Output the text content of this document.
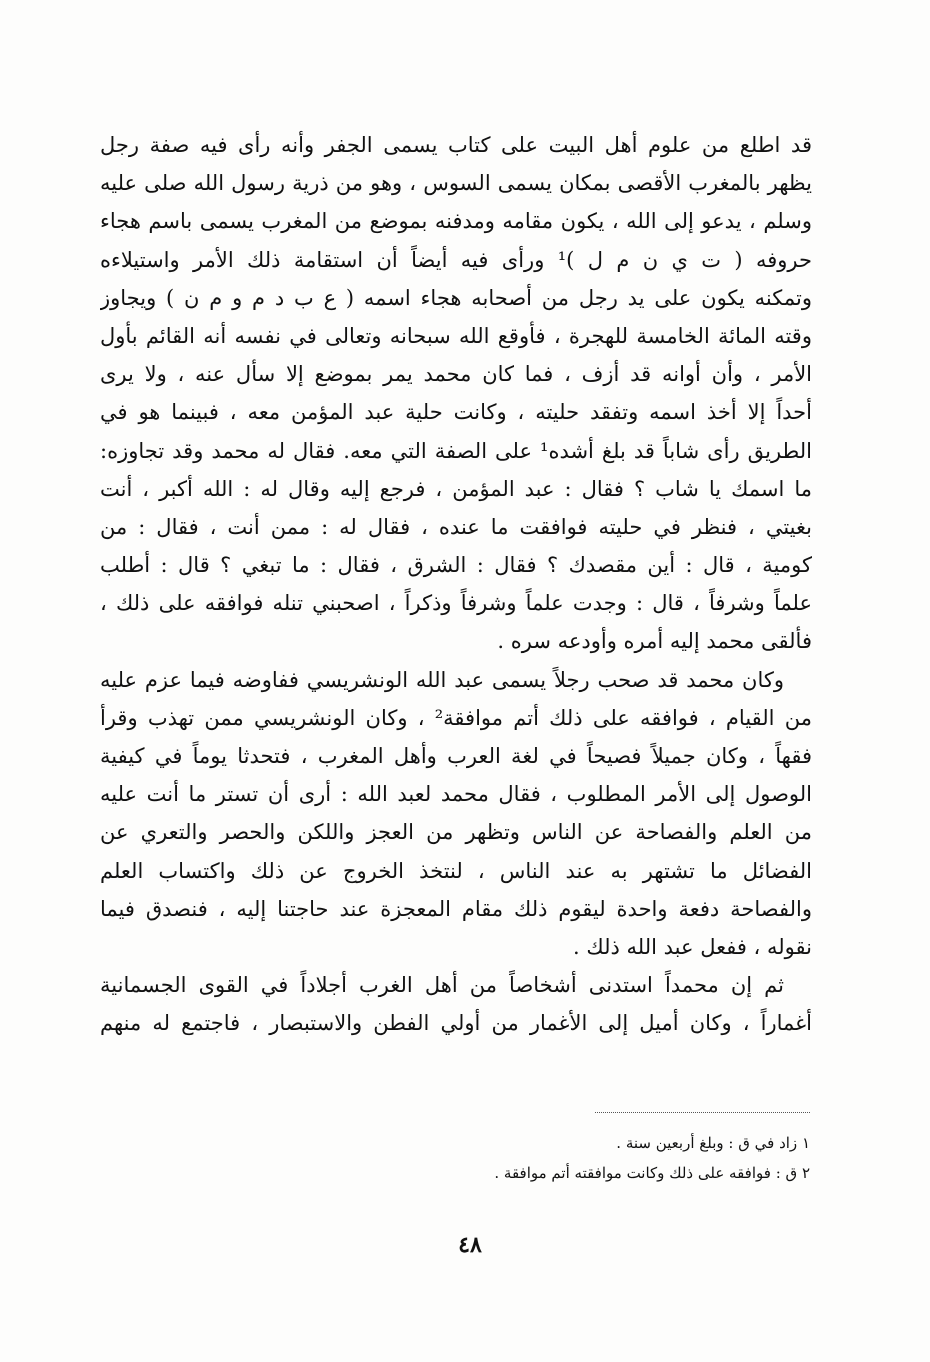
قد اطلع من علوم أهل البيت على كتاب يسمى الجفر وأنه رأى فيه صفة رجل
يظهر بالمغرب الأقصى بمكان يسمى السوس ، وهو من ذرية رسول الله صلى عليه
وسلم ، يدعو إلى الله ، يكون مقامه ومدفنه بموضع من المغرب يسمى باسم هجاء
حروفه ( ت ي ن م ل )¹ ورأى فيه أيضاً أن استقامة ذلك الأمر واستيلاءه
وتمكنه يكون على يد رجل من أصحابه هجاء اسمه ( ع ب د م و م ن ) ويجاوز
وقته المائة الخامسة للهجرة ، فأوقع الله سبحانه وتعالى في نفسه أنه القائم بأول
الأمر ، وأن أوانه قد أزف ، فما كان محمد يمر بموضع إلا سأل عنه ، ولا يرى
أحداً إلا أخذ اسمه وتفقد حليته ، وكانت حلية عبد المؤمن معه ، فبينما هو في
الطريق رأى شاباً قد بلغ أشده¹ على الصفة التي معه. فقال له محمد وقد تجاوزه:
ما اسمك يا شاب ؟ فقال : عبد المؤمن ، فرجع إليه وقال له : الله أكبر ، أنت
بغيتي ، فنظر في حليته فوافقت ما عنده ، فقال له : ممن أنت ، فقال : من
كومية ، قال : أين مقصدك ؟ فقال : الشرق ، فقال : ما تبغي ؟ قال : أطلب
علماً وشرفاً ، قال : وجدت علماً وشرفاً وذكراً ، اصحبني تنله فوافقه على ذلك ،
فألقى محمد إليه أمره وأودعه سره .
وكان محمد قد صحب رجلاً يسمى عبد الله الونشريسي ففاوضه فيما عزم عليه
من القيام ، فوافقه على ذلك أتم موافقة² ، وكان الونشريسي ممن تهذب وقرأ
فقهاً ، وكان جميلاً فصيحاً في لغة العرب وأهل المغرب ، فتحدثا يوماً في كيفية
الوصول إلى الأمر المطلوب ، فقال محمد لعبد الله : أرى أن تستر ما أنت عليه
من العلم والفصاحة عن الناس وتظهر من العجز واللكن والحصر والتعري عن
الفضائل ما تشتهر به عند الناس ، لنتخذ الخروج عن ذلك واكتساب العلم
والفصاحة دفعة واحدة ليقوم ذلك مقام المعجزة عند حاجتنا إليه ، فنصدق فيما
نقوله ، ففعل عبد الله ذلك .
ثم إن محمداً استدنى أشخاصاً من أهل الغرب أجلاداً في القوى الجسمانية
أغماراً ، وكان أميل إلى الأغمار من أولي الفطن والاستبصار ، فاجتمع له منهم
١ زاد في ق : وبلغ أربعين سنة .
٢ ق : فوافقه على ذلك وكانت موافقته أتم موافقة .
٤٨
